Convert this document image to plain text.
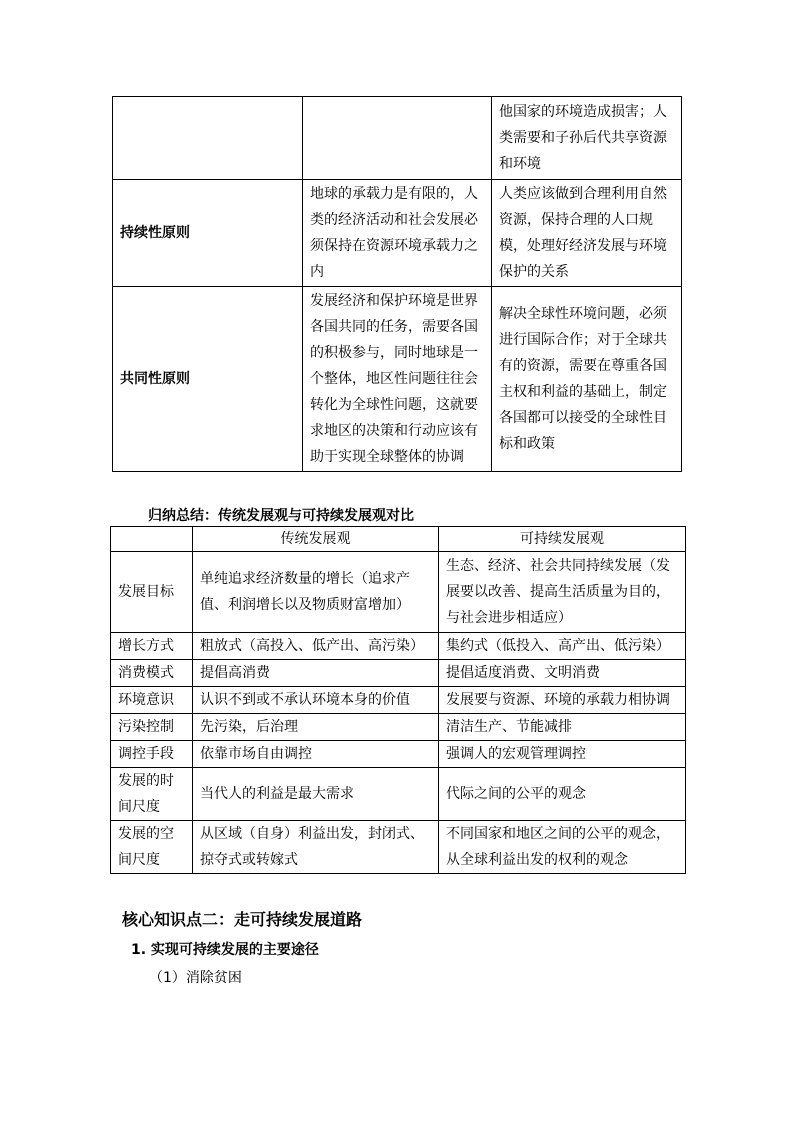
		他国家的环境造成损害；人类需要和子孙后代共享资源和环境
持续性原则	地球的承载力是有限的，人类的经济活动和社会发展必须保持在资源环境承载力之内	人类应该做到合理利用自然资源，保持合理的人口规模，处理好经济发展与环境保护的关系
共同性原则	发展经济和保护环境是世界各国共同的任务，需要各国的积极参与，同时地球是一个整体，地区性问题往往会转化为全球性问题，这就要求地区的决策和行动应该有助于实现全球整体的协调	解决全球性环境问题，必须进行国际合作；对于全球共有的资源，需要在尊重各国主权和利益的基础上，制定各国都可以接受的全球性目标和政策
归纳总结：传统发展观与可持续发展观对比
	传统发展观	可持续发展观
发展目标	单纯追求经济数量的增长（追求产值、利润增长以及物质财富增加）	生态、经济、社会共同持续发展（发展要以改善、提高生活质量为目的，与社会进步相适应）
增长方式	粗放式（高投入、低产出、高污染）	集约式（低投入、高产出、低污染）
消费模式	提倡高消费	提倡适度消费、文明消费
环境意识	认识不到或不承认环境本身的价值	发展要与资源、环境的承载力相协调
污染控制	先污染，后治理	清洁生产、节能减排
调控手段	依靠市场自由调控	强调人的宏观管理调控
发展的时间尺度	当代人的利益是最大需求	代际之间的公平的观念
发展的空间尺度	从区域（自身）利益出发，封闭式、掠夺式或转嫁式	不同国家和地区之间的公平的观念，从全球利益出发的权利的观念
核心知识点二：走可持续发展道路
1. 实现可持续发展的主要途径
（1）消除贫困
